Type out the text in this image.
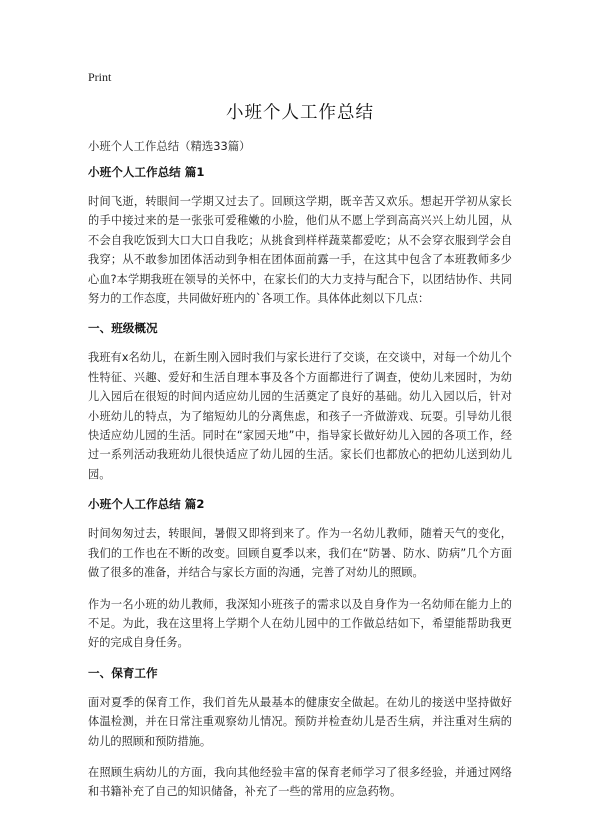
Print
小班个人工作总结
小班个人工作总结（精选33篇）
小班个人工作总结 篇1
时间飞逝，转眼间一学期又过去了。回顾这学期，既辛苦又欢乐。想起开学初从家长的手中接过来的是一张张可爱稚嫩的小脸，他们从不愿上学到高高兴兴上幼儿园，从不会自我吃饭到大口大口自我吃；从挑食到样样蔬菜都爱吃；从不会穿衣服到学会自我穿；从不敢参加团体活动到争相在团体面前露一手，在这其中包含了本班教师多少心血?本学期我班在领导的关怀中，在家长们的大力支持与配合下，以团结协作、共同努力的工作态度，共同做好班内的`各项工作。具体体此刻以下几点：
一、班级概况
我班有x名幼儿，在新生刚入园时我们与家长进行了交谈，在交谈中，对每一个幼儿个性特征、兴趣、爱好和生活自理本事及各个方面都进行了调查，使幼儿来园时，为幼儿入园后在很短的时间内适应幼儿园的生活奠定了良好的基础。幼儿入园以后，针对小班幼儿的特点，为了缩短幼儿的分离焦虑，和孩子一齐做游戏、玩耍。引导幼儿很快适应幼儿园的生活。同时在“家园天地”中，指导家长做好幼儿入园的各项工作，经过一系列活动我班幼儿很快适应了幼儿园的生活。家长们也都放心的把幼儿送到幼儿园。
小班个人工作总结 篇2
时间匆匆过去，转眼间，暑假又即将到来了。作为一名幼儿教师，随着天气的变化，我们的工作也在不断的改变。回顾自夏季以来，我们在“防暑、防水、防病”几个方面做了很多的准备，并结合与家长方面的沟通，完善了对幼儿的照顾。
作为一名小班的幼儿教师，我深知小班孩子的需求以及自身作为一名幼师在能力上的不足。为此，我在这里将上学期个人在幼儿园中的工作做总结如下，希望能帮助我更好的完成自身任务。
一、保育工作
面对夏季的保育工作，我们首先从最基本的健康安全做起。在幼儿的接送中坚持做好体温检测，并在日常注重观察幼儿情况。预防并检查幼儿是否生病，并注重对生病的幼儿的照顾和预防措施。
在照顾生病幼儿的方面，我向其他经验丰富的保育老师学习了很多经验，并通过网络和书籍补充了自己的知识储备，补充了一些的常用的应急药物。
